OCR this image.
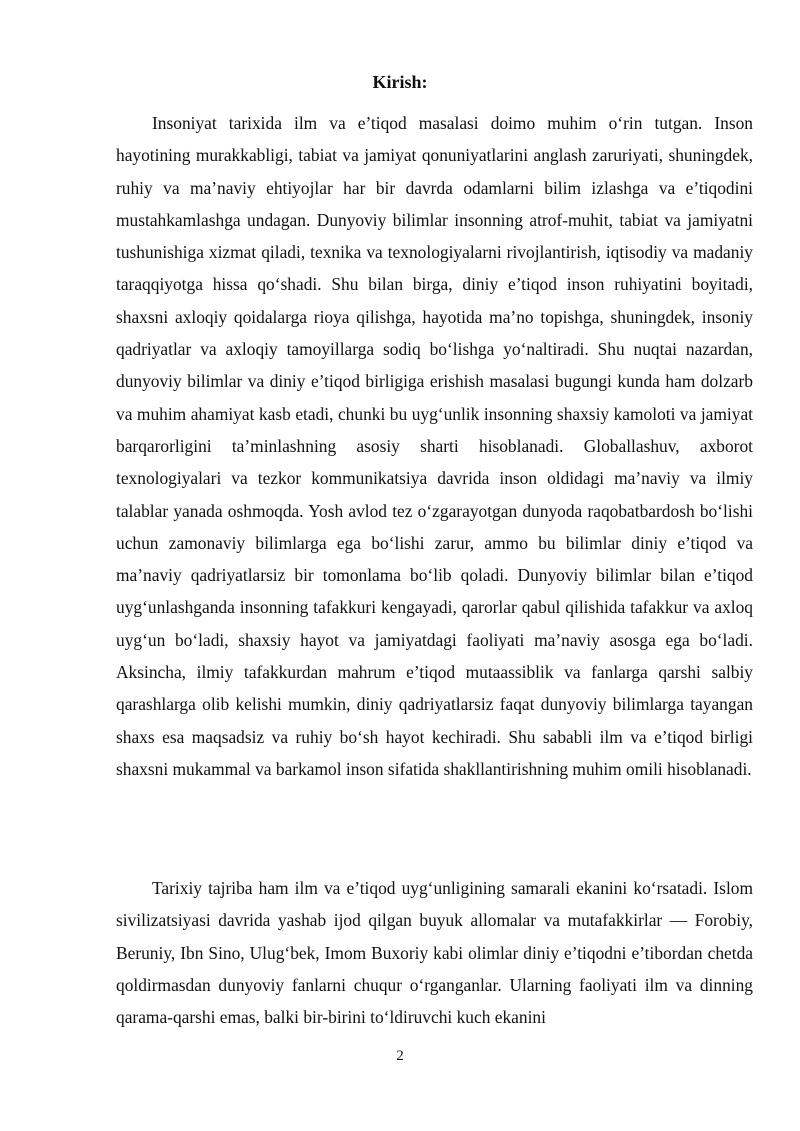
Kirish:

Insoniyat tarixida ilm va e’tiqod masalasi doimo muhim o‘rin tutgan. Inson hayotining murakkabligi, tabiat va jamiyat qonuniyatlarini anglash zaruriyati, shuningdek, ruhiy va ma’naviy ehtiyojlar har bir davrda odamlarni bilim izlashga va e’tiqodini mustahkamlashga undagan. Dunyoviy bilimlar insonning atrof-muhit, tabiat va jamiyatni tushunishiga xizmat qiladi, texnika va texnologiyalarni rivojlantirish, iqtisodiy va madaniy taraqqiyotga hissa qo‘shadi. Shu bilan birga, diniy e’tiqod inson ruhiyatini boyitadi, shaxsni axloqiy qoidalarga rioya qilishga, hayotida ma’no topishga, shuningdek, insoniy qadriyatlar va axloqiy tamoyillarga sodiq bo‘lishga yo‘naltiradi. Shu nuqtai nazardan, dunyoviy bilimlar va diniy e’tiqod birligiga erishish masalasi bugungi kunda ham dolzarb va muhim ahamiyat kasb etadi, chunki bu uyg‘unlik insonning shaxsiy kamoloti va jamiyat barqarorligini ta’minlashning asosiy sharti hisoblanadi. Globallashuv, axborot texnologiyalari va tezkor kommunikatsiya davrida inson oldidagi ma’naviy va ilmiy talablar yanada oshmoqda. Yosh avlod tez o‘zgarayotgan dunyoda raqobatbardosh bo‘lishi uchun zamonaviy bilimlarga ega bo‘lishi zarur, ammo bu bilimlar diniy e’tiqod va ma’naviy qadriyatlarsiz bir tomonlama bo‘lib qoladi. Dunyoviy bilimlar bilan e’tiqod uyg‘unlashganda insonning tafakkuri kengayadi, qarorlar qabul qilishida tafakkur va axloq uyg‘un bo‘ladi, shaxsiy hayot va jamiyatdagi faoliyati ma’naviy asosga ega bo‘ladi. Aksincha, ilmiy tafakkurdan mahrum e’tiqod mutaassiblik va fanlarga qarshi salbiy qarashlarga olib kelishi mumkin, diniy qadriyatlarsiz faqat dunyoviy bilimlarga tayangan shaxs esa maqsadsiz va ruhiy bo‘sh hayot kechiradi. Shu sababli ilm va e’tiqod birligi shaxsni mukammal va barkamol inson sifatida shakllantirishning muhim omili hisoblanadi.

Tarixiy tajriba ham ilm va e’tiqod uyg‘unligining samarali ekanini ko‘rsatadi. Islom sivilizatsiyasi davrida yashab ijod qilgan buyuk allomalar va mutafakkirlar — Forobiy, Beruniy, Ibn Sino, Ulug‘bek, Imom Buxoriy kabi olimlar diniy e’tiqodni e’tibordan chetda qoldirmasdan dunyoviy fanlarni chuqur o‘rganganlar. Ularning faoliyati ilm va dinning qarama-qarshi emas, balki bir-birini to‘ldiruvchi kuch ekanini

2
